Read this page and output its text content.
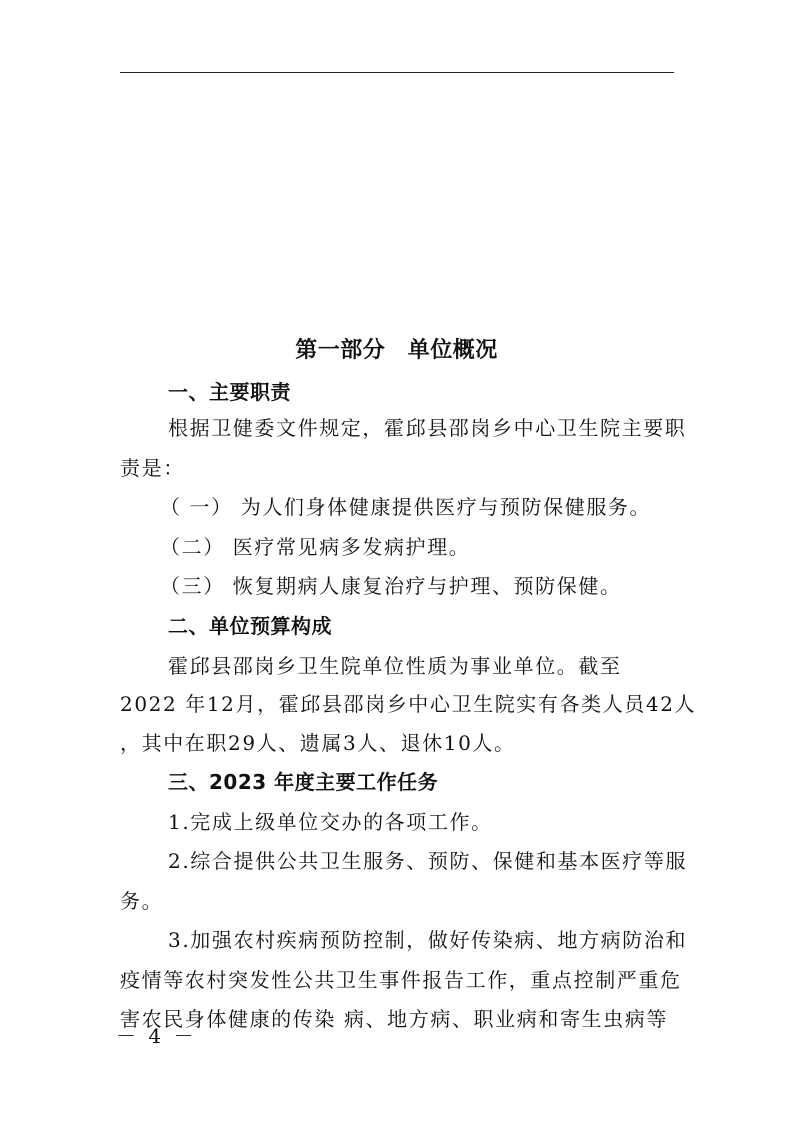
第一部分　单位概况
一、主要职责
根据卫健委文件规定，霍邱县邵岗乡中心卫生院主要职
责是：
（ 一） 为人们身体健康提供医疗与预防保健服务。
（二） 医疗常见病多发病护理。
（三） 恢复期病人康复治疗与护理、预防保健。
二、单位预算构成
霍邱县邵岗乡卫生院单位性质为事业单位。截至
2022 年12月，霍邱县邵岗乡中心卫生院实有各类人员42人
，其中在职29人、遗属3人、退休10人。
三、2023 年度主要工作任务
1.完成上级单位交办的各项工作。
2.综合提供公共卫生服务、预防、保健和基本医疗等服
务。
3.加强农村疾病预防控制，做好传染病、地方病防治和
疫情等农村突发性公共卫生事件报告工作，重点控制严重危
害农民身体健康的传染 病、地方病、职业病和寄生虫病等
－ 4 －
